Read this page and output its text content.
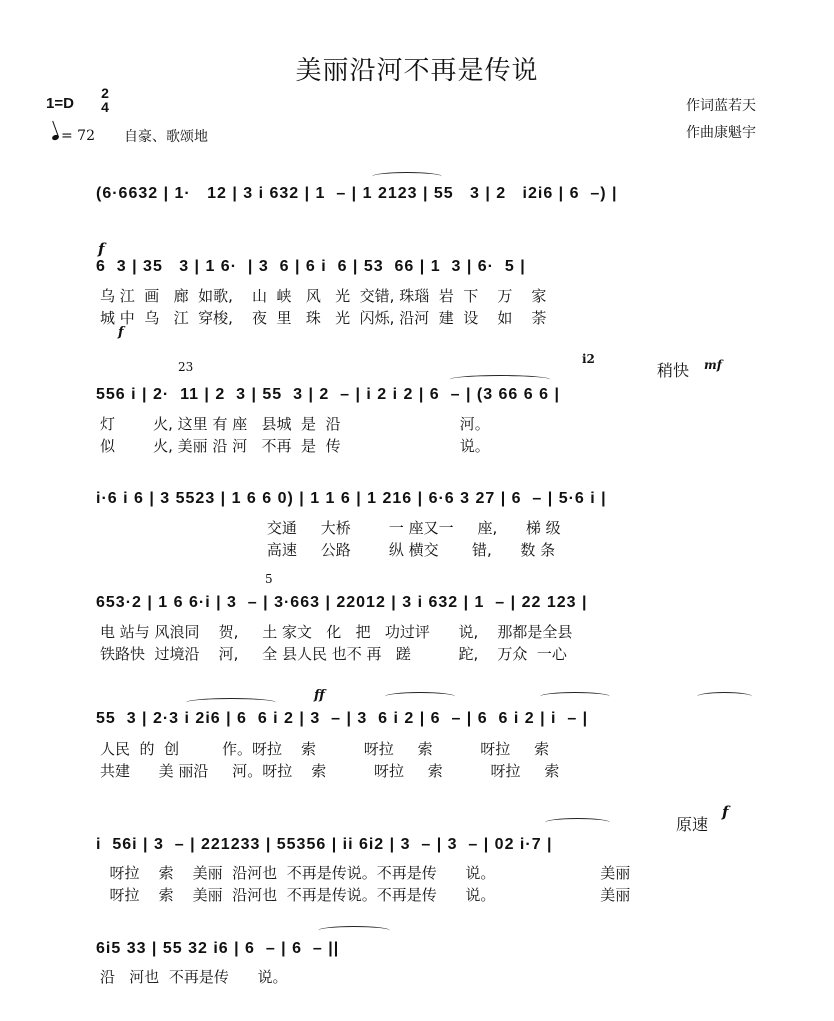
美丽沿河不再是传说
1=D
2
4
= 72 自豪、歌颂地
作词蓝若天
作曲康魁宇
(6·6632 | 1·   12 | 3 i 632 | 1  – | 1 2123 | 55   3 | 2   i2i6 | 6  –) |
f
6  3 | 35   3 | 1 6·  | 3  6 | 6 i  6 | 53  66 | 1  3 | 6·  5 |
乌 江  画   廊  如歌,    山  峡   风   光  交错, 珠瑙  岩  下    万    家
城 中  乌   江  穿梭,    夜  里   珠   光  闪烁, 沿河  建  设    如    荼
f
23
i2
稍快 mf
556 i | 2·  11 | 2  3 | 55  3 | 2  – | i 2 i 2 | 6  – | (3 66 6 6 |
灯        火, 这里 有 座   县城  是  沿                         河。
似        火, 美丽 沿 河   不再  是  传                         说。
i·6 i 6 | 3 5523 | 1 6 6 0) | 1 1 6 | 1 216 | 6·6 3 27 | 6  – | 5·6 i |
交通     大桥        一 座又一     座,      梯 级
高速     公路        纵 横交       错,      数 条
5
653·2 | 1 6 6·i | 3  – | 3·663 | 22012 | 3 i 632 | 1  – | 22 123 |
电 站与 风浪同    贺,     土 家文   化   把   功过评      说,    那都是全县
铁路快  过境沿    河,     全 县人民 也不 再   蹉          跎,    万众  一心
ff
55  3 | 2·3 i 2i6 | 6  6 i 2 | 3  – | 3  6 i 2 | 6  – | 6  6 i 2 | i  – |
人民  的  创         作。呀拉    索          呀拉     索          呀拉     索
共建      美 丽沿     河。呀拉    索          呀拉     索          呀拉     索
原速
f
i  56i | 3  – | 221233 | 55356 | ii 6i2 | 3  – | 3  – | 02 i·7 |
呀拉    索    美丽  沿河也  不再是传说。不再是传      说。                      美丽
呀拉    索    美丽  沿河也  不再是传说。不再是传      说。                      美丽
6i5 33 | 55 32 i6 | 6  – | 6  – ||
沿   河也  不再是传      说。
